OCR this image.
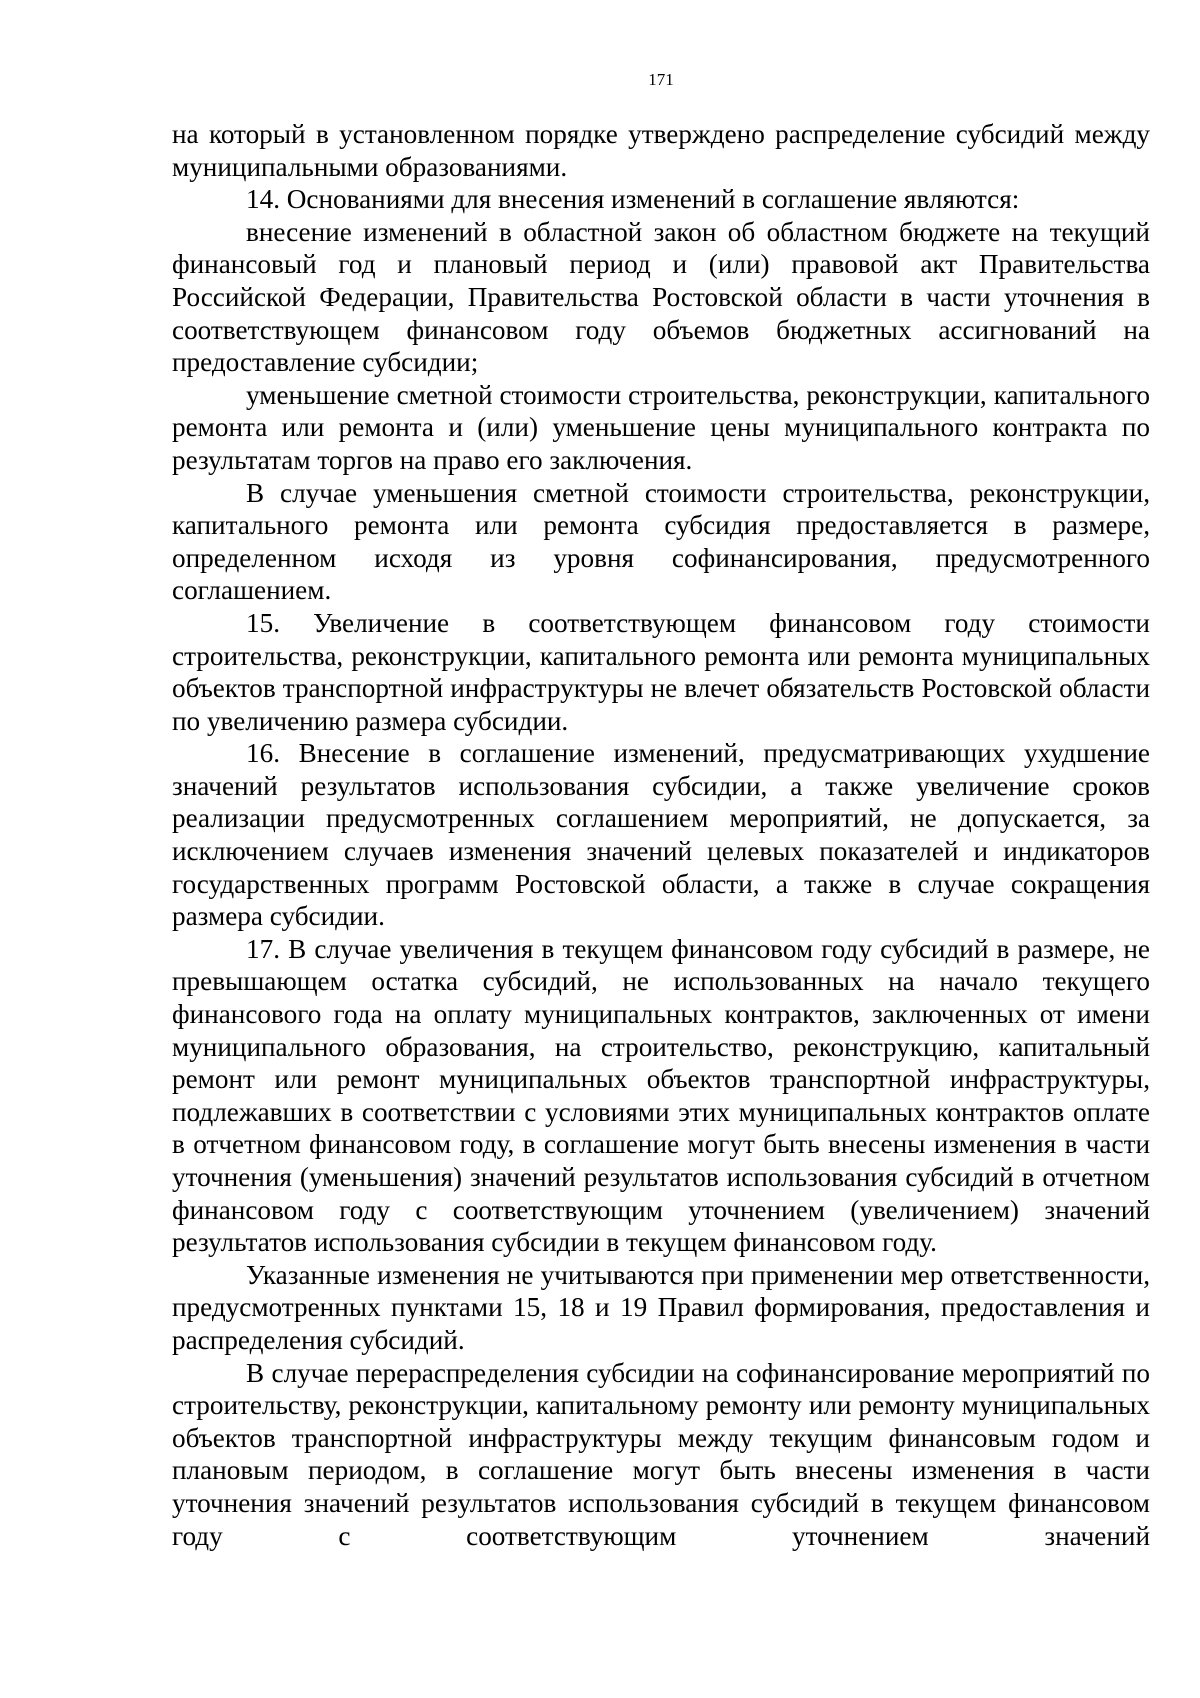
171

на который в установленном порядке утверждено распределение субсидий между муниципальными образованиями.

14. Основаниями для внесения изменений в соглашение являются:

внесение изменений в областной закон об областном бюджете на текущий финансовый год и плановый период и (или) правовой акт Правительства Российской Федерации, Правительства Ростовской области в части уточнения в соответствующем финансовом году объемов бюджетных ассигнований на предоставление субсидии;

уменьшение сметной стоимости строительства, реконструкции, капитального ремонта или ремонта и (или) уменьшение цены муниципального контракта по результатам торгов на право его заключения.

В случае уменьшения сметной стоимости строительства, реконструкции, капитального ремонта или ремонта субсидия предоставляется в размере, определенном исходя из уровня софинансирования, предусмотренного соглашением.

15. Увеличение в соответствующем финансовом году стоимости строительства, реконструкции, капитального ремонта или ремонта муниципальных объектов транспортной инфраструктуры не влечет обязательств Ростовской области по увеличению размера субсидии.

16. Внесение в соглашение изменений, предусматривающих ухудшение значений результатов использования субсидии, а также увеличение сроков реализации предусмотренных соглашением мероприятий, не допускается, за исключением случаев изменения значений целевых показателей и индикаторов государственных программ Ростовской области, а также в случае сокращения размера субсидии.

17. В случае увеличения в текущем финансовом году субсидий в размере, не превышающем остатка субсидий, не использованных на начало текущего финансового года на оплату муниципальных контрактов, заключенных от имени муниципального образования, на строительство, реконструкцию, капитальный ремонт или ремонт муниципальных объектов транспортной инфраструктуры, подлежавших в соответствии с условиями этих муниципальных контрактов оплате в отчетном финансовом году, в соглашение могут быть внесены изменения в части уточнения (уменьшения) значений результатов использования субсидий в отчетном финансовом году с соответствующим уточнением (увеличением) значений результатов использования субсидии в текущем финансовом году.

Указанные изменения не учитываются при применении мер ответственности, предусмотренных пунктами 15, 18 и 19 Правил формирования, предоставления и распределения субсидий.

В случае перераспределения субсидии на софинансирование мероприятий по строительству, реконструкции, капитальному ремонту или ремонту муниципальных объектов транспортной инфраструктуры между текущим финансовым годом и плановым периодом, в соглашение могут быть внесены изменения в части уточнения значений результатов использования субсидий в текущем финансовом году с соответствующим уточнением значений
